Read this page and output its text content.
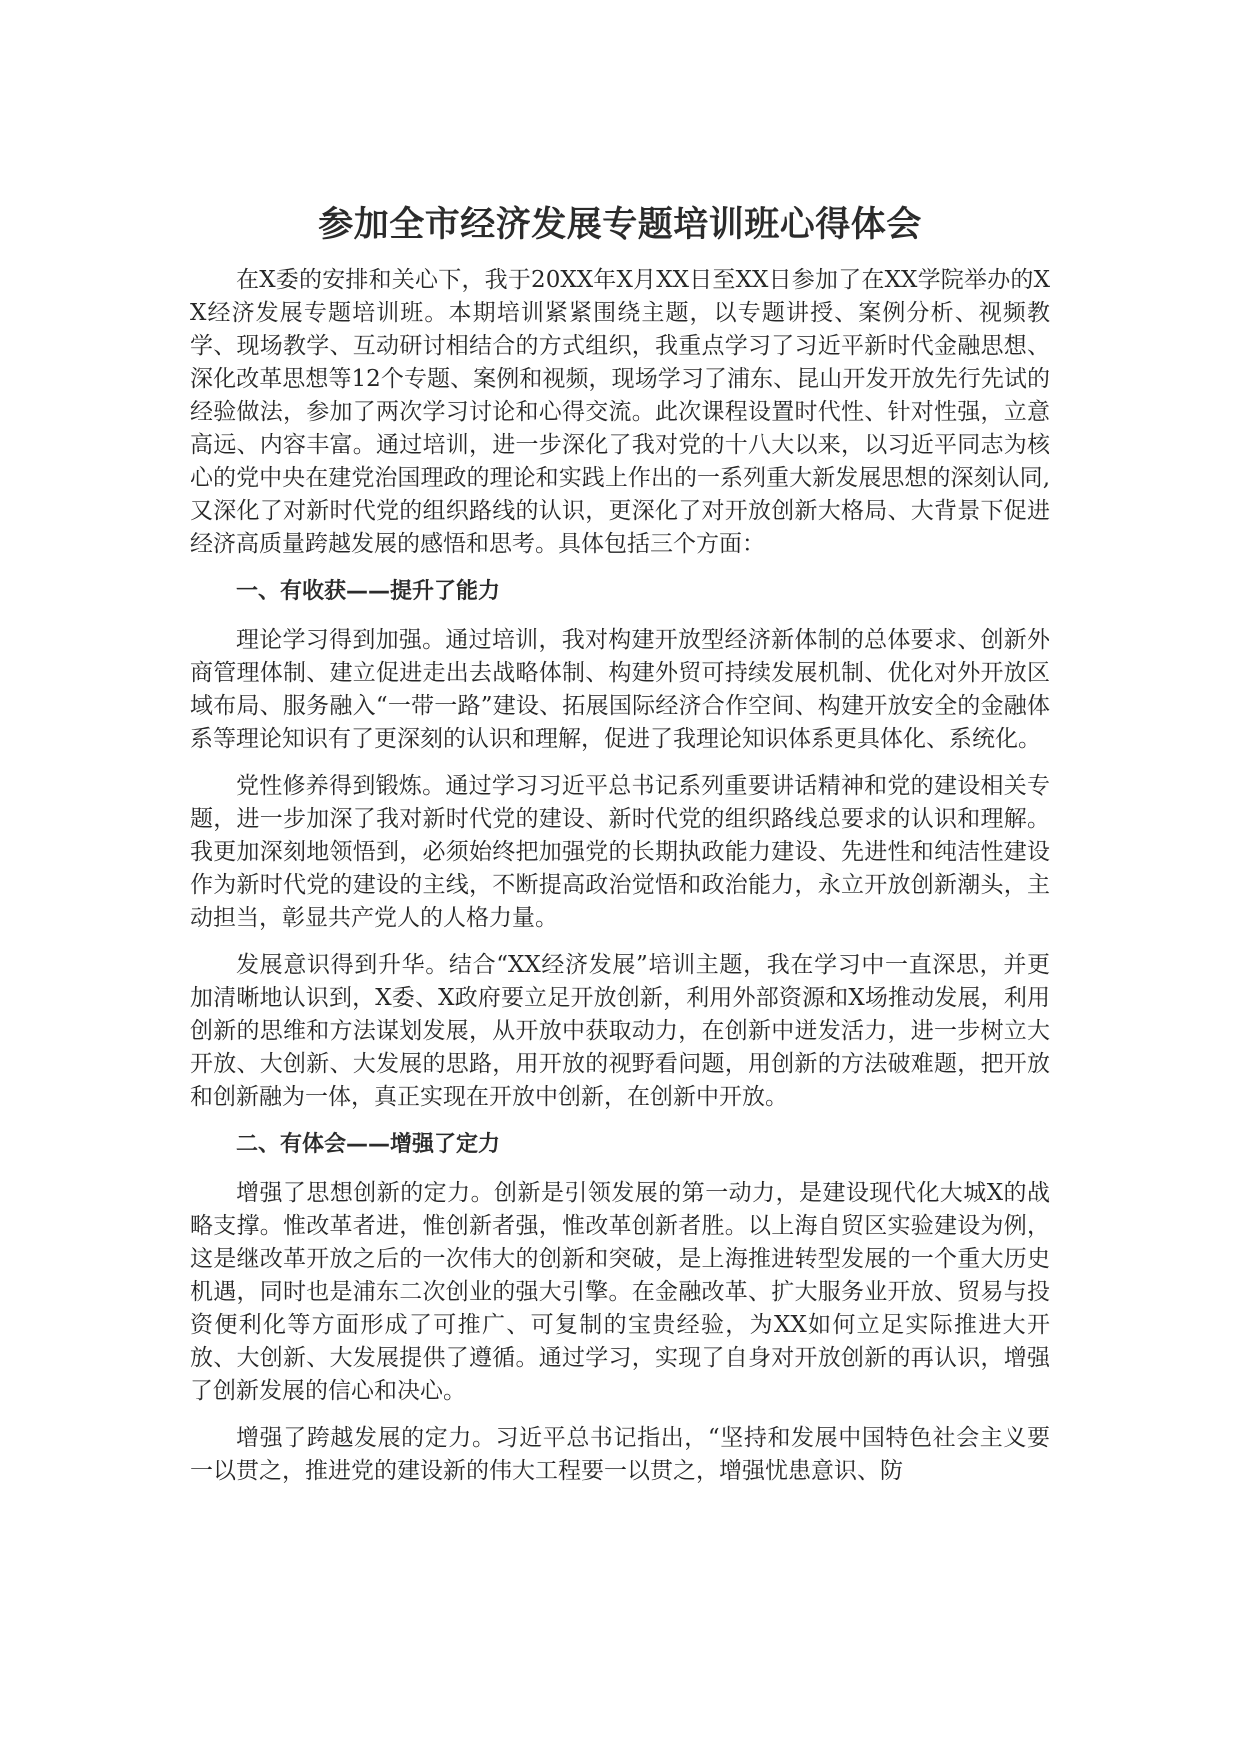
参加全市经济发展专题培训班心得体会

在X委的安排和关心下，我于20XX年X月XX日至XX日参加了在XX学院举办的XX经济发展专题培训班。本期培训紧紧围绕主题，以专题讲授、案例分析、视频教学、现场教学、互动研讨相结合的方式组织，我重点学习了习近平新时代金融思想、深化改革思想等12个专题、案例和视频，现场学习了浦东、昆山开发开放先行先试的经验做法，参加了两次学习讨论和心得交流。此次课程设置时代性、针对性强，立意高远、内容丰富。通过培训，进一步深化了我对党的十八大以来，以习近平同志为核心的党中央在建党治国理政的理论和实践上作出的一系列重大新发展思想的深刻认同,又深化了对新时代党的组织路线的认识，更深化了对开放创新大格局、大背景下促进经济高质量跨越发展的感悟和思考。具体包括三个方面：

一、有收获——提升了能力

理论学习得到加强。通过培训，我对构建开放型经济新体制的总体要求、创新外商管理体制、建立促进走出去战略体制、构建外贸可持续发展机制、优化对外开放区域布局、服务融入“一带一路”建设、拓展国际经济合作空间、构建开放安全的金融体系等理论知识有了更深刻的认识和理解，促进了我理论知识体系更具体化、系统化。

党性修养得到锻炼。通过学习习近平总书记系列重要讲话精神和党的建设相关专题，进一步加深了我对新时代党的建设、新时代党的组织路线总要求的认识和理解。我更加深刻地领悟到，必须始终把加强党的长期执政能力建设、先进性和纯洁性建设作为新时代党的建设的主线，不断提高政治觉悟和政治能力，永立开放创新潮头，主动担当，彰显共产党人的人格力量。

发展意识得到升华。结合“XX经济发展”培训主题，我在学习中一直深思，并更加清晰地认识到，X委、X政府要立足开放创新，利用外部资源和X场推动发展，利用创新的思维和方法谋划发展，从开放中获取动力，在创新中迸发活力，进一步树立大开放、大创新、大发展的思路，用开放的视野看问题，用创新的方法破难题，把开放和创新融为一体，真正实现在开放中创新，在创新中开放。

二、有体会——增强了定力

增强了思想创新的定力。创新是引领发展的第一动力，是建设现代化大城X的战略支撑。惟改革者进，惟创新者强，惟改革创新者胜。以上海自贸区实验建设为例，这是继改革开放之后的一次伟大的创新和突破，是上海推进转型发展的一个重大历史机遇，同时也是浦东二次创业的强大引擎。在金融改革、扩大服务业开放、贸易与投资便利化等方面形成了可推广、可复制的宝贵经验，为XX如何立足实际推进大开放、大创新、大发展提供了遵循。通过学习，实现了自身对开放创新的再认识，增强了创新发展的信心和决心。

增强了跨越发展的定力。习近平总书记指出，“坚持和发展中国特色社会主义要一以贯之，推进党的建设新的伟大工程要一以贯之，增强忧患意识、防
